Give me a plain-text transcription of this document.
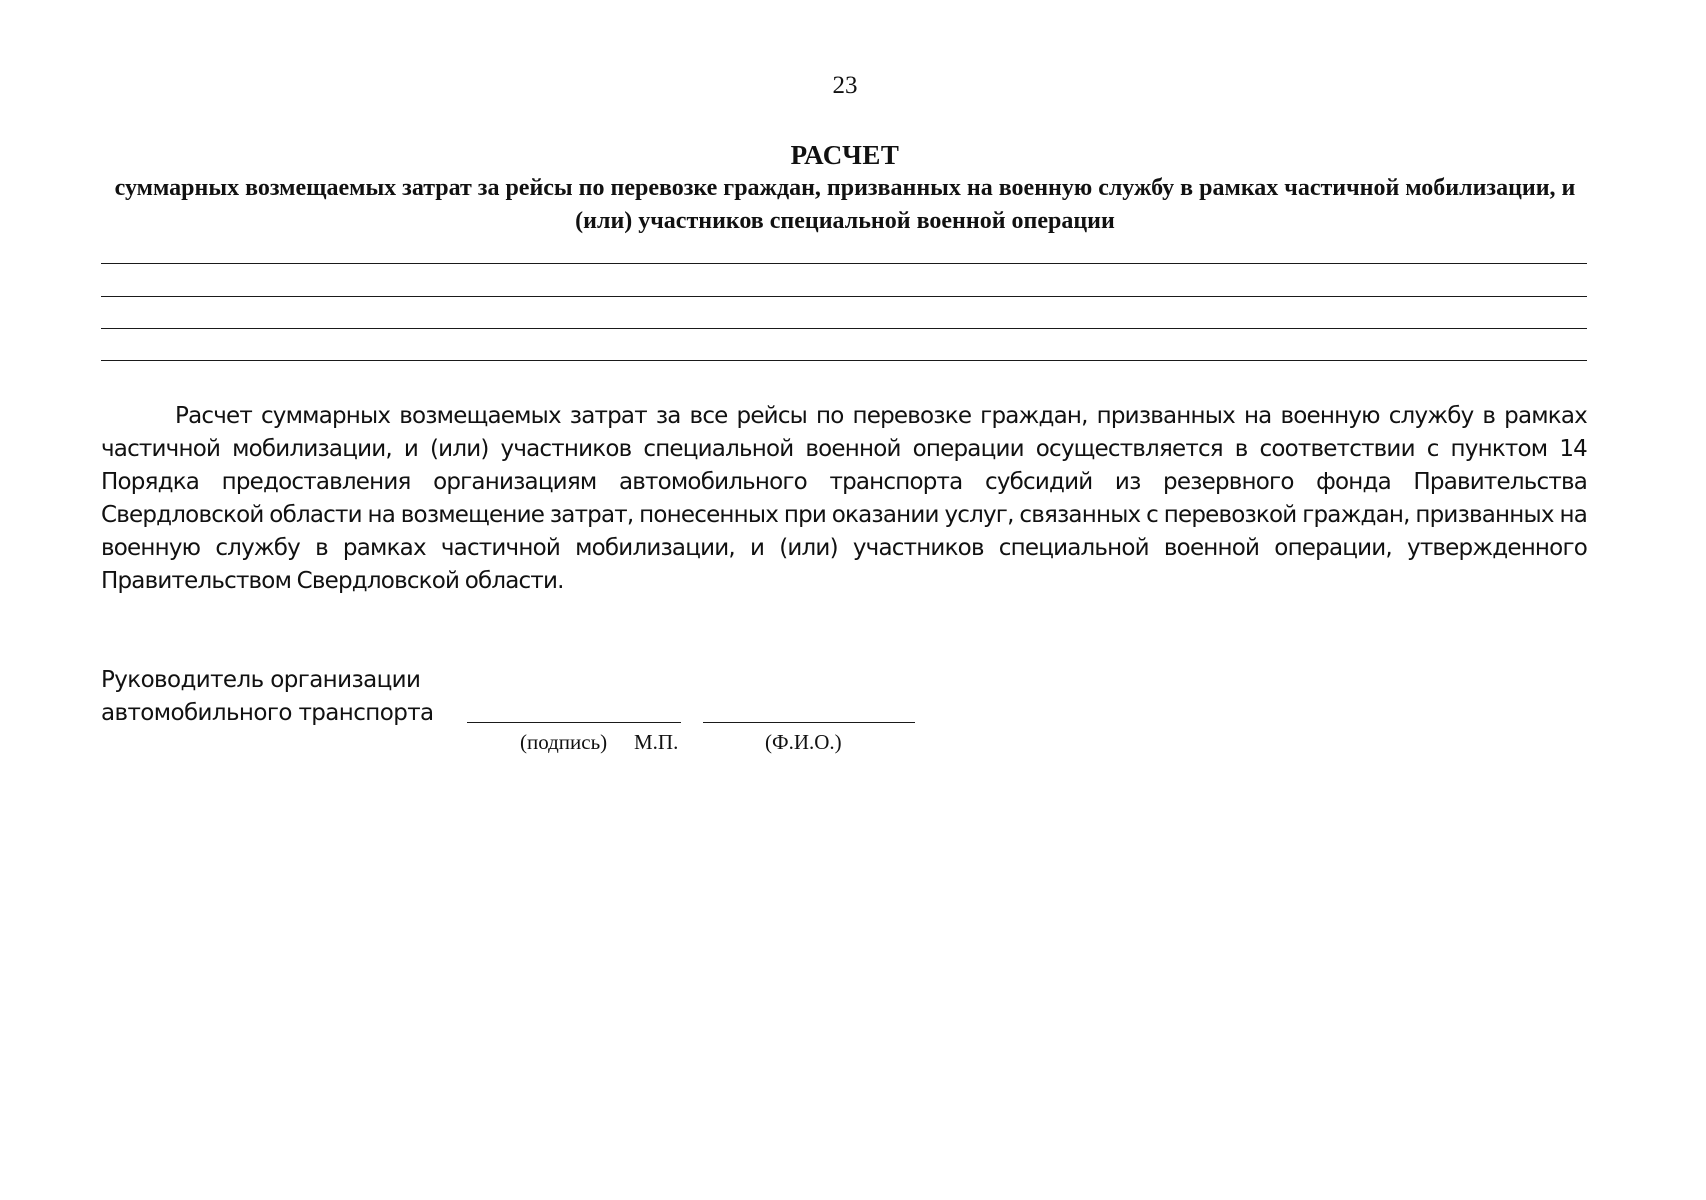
23
РАСЧЕТ
суммарных возмещаемых затрат за рейсы по перевозке граждан, призванных на военную службу в рамках частичной мобилизации, и (или) участников специальной военной операции
Расчет суммарных возмещаемых затрат за все рейсы по перевозке граждан, призванных на военную службу в рамках частичной мобилизации, и (или) участников специальной военной операции осуществляется в соответствии с пунктом 14 Порядка предоставления организациям автомобильного транспорта субсидий из резервного фонда Правительства Свердловской области на возмещение затрат, понесенных при оказании услуг, связанных с перевозкой граждан, призванных на военную службу в рамках частичной мобилизации, и (или) участников специальной военной операции, утвержденного Правительством Свердловской области.
Руководитель организации
автомобильного транспорта
(подпись) М.П.	(Ф.И.О.)
